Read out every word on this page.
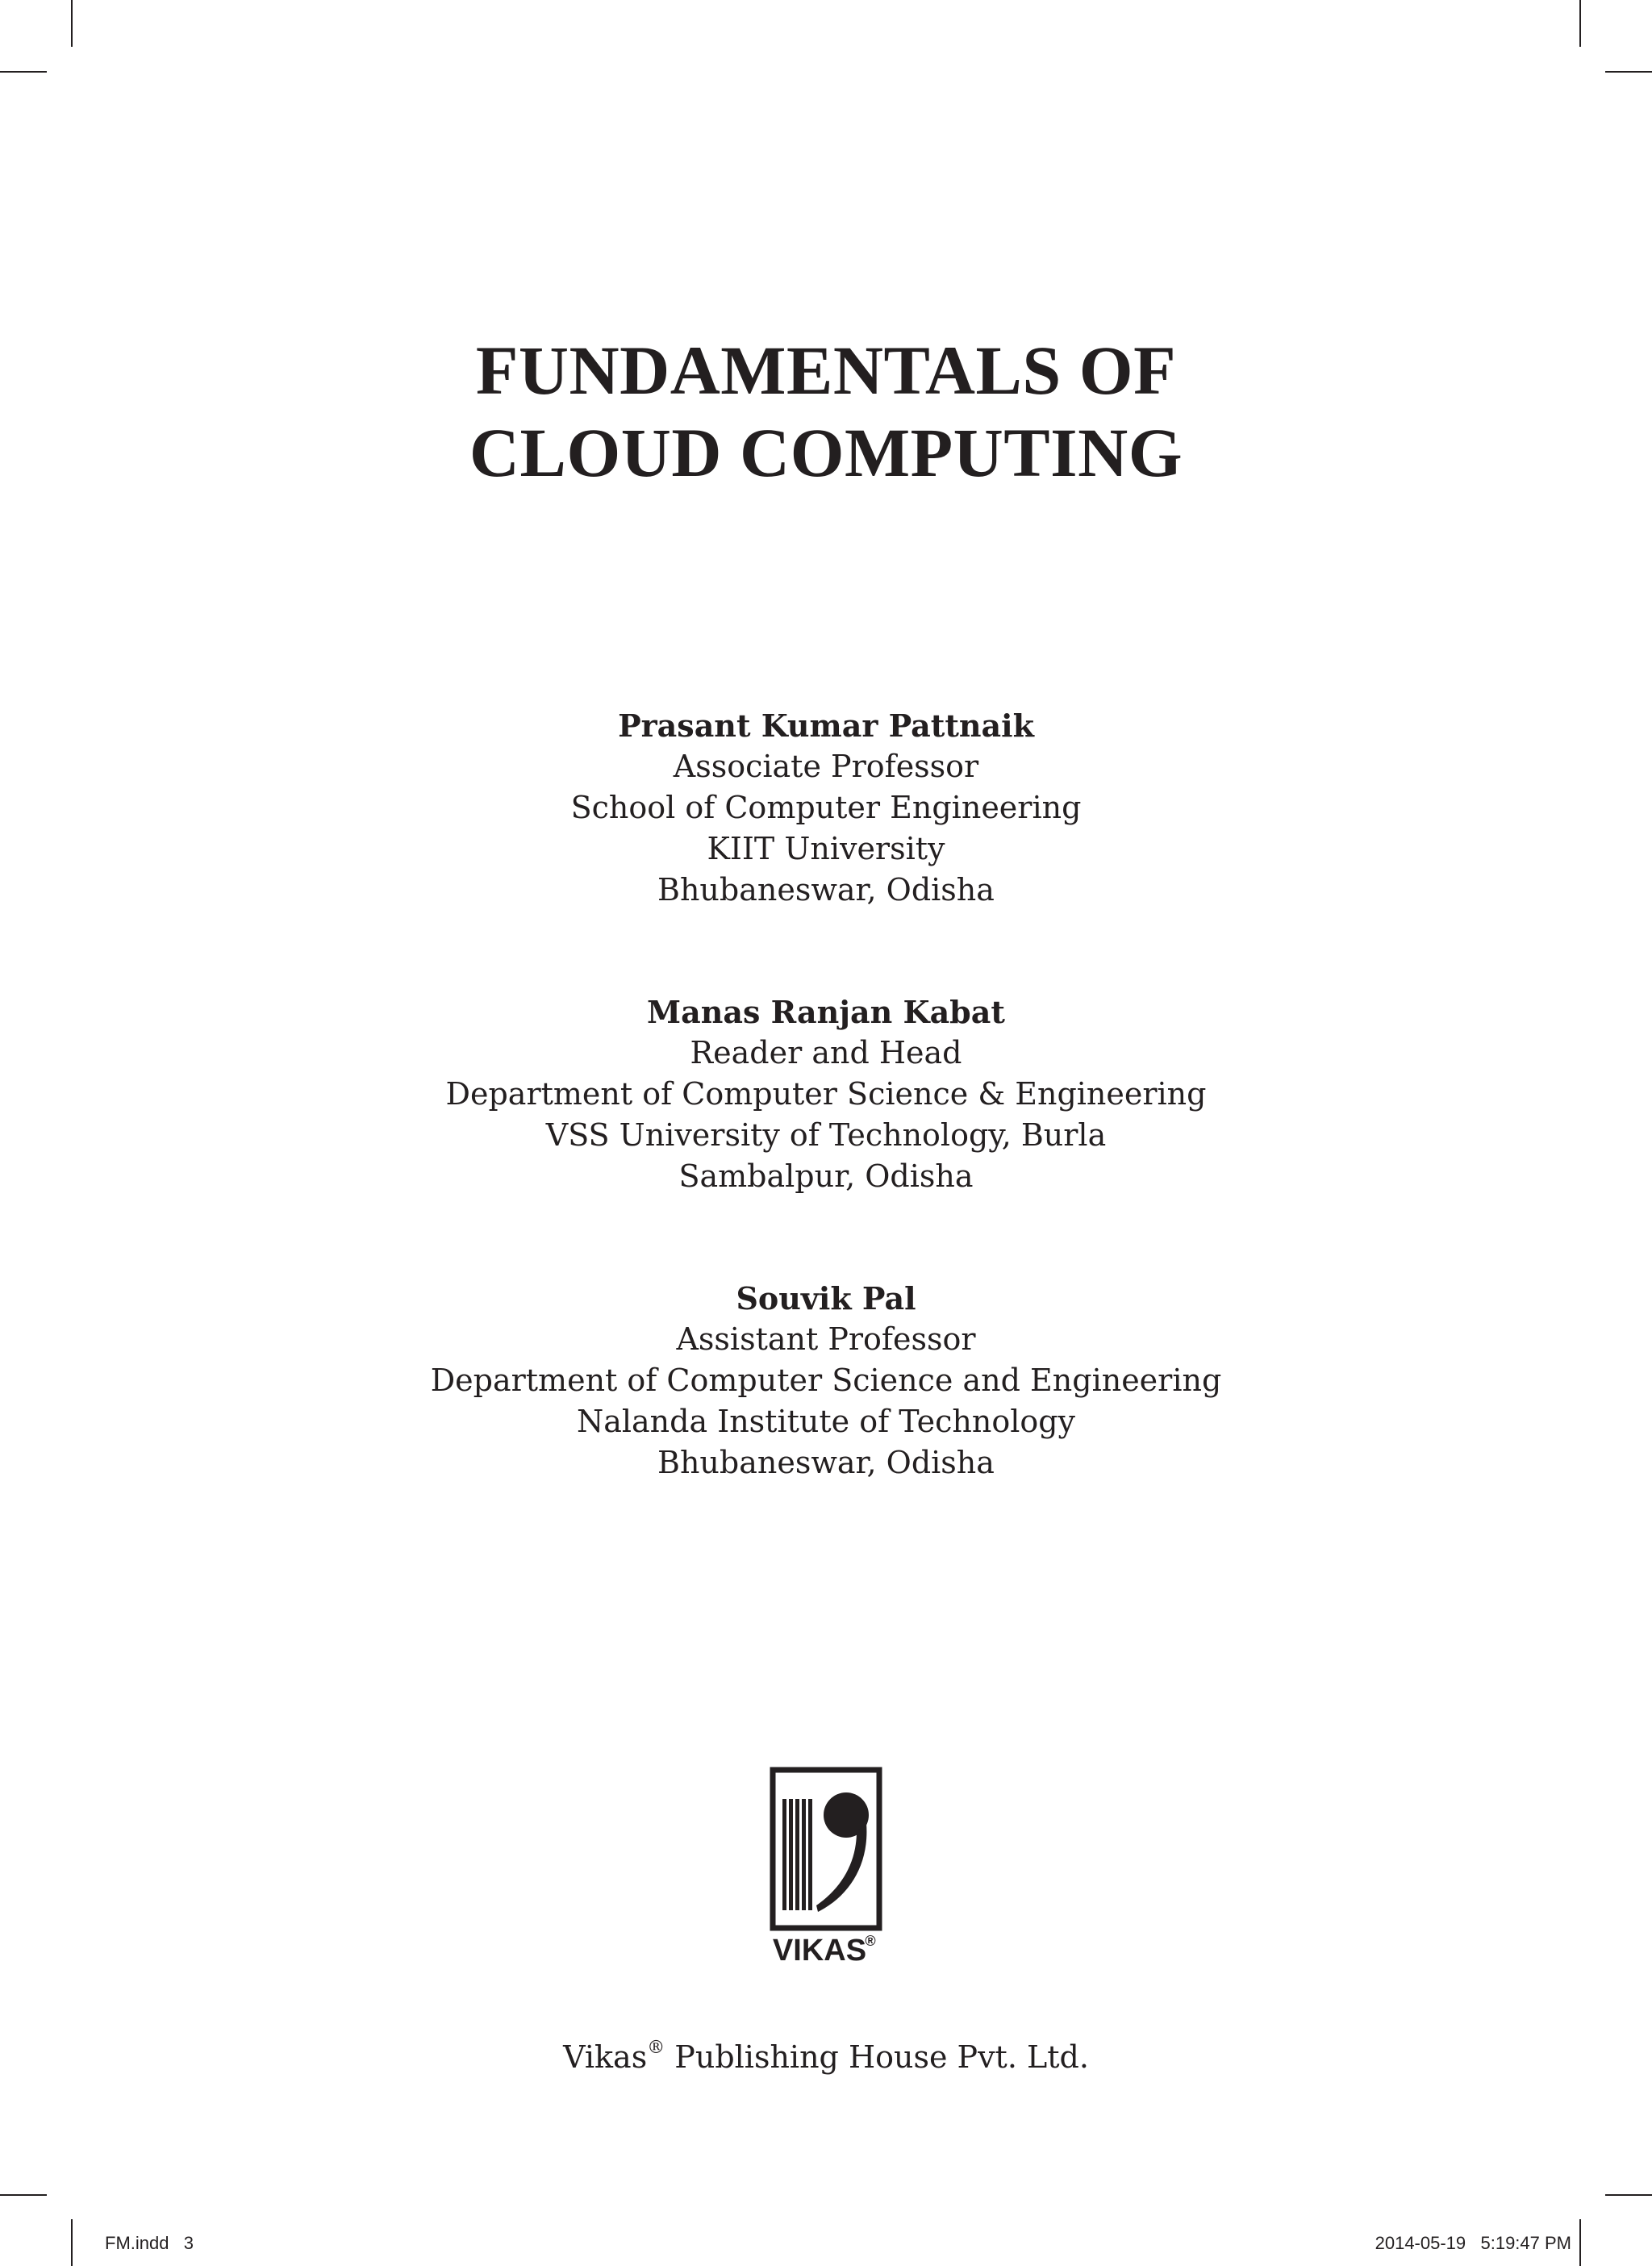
FUNDAMENTALS OF
CLOUD COMPUTING
Prasant Kumar Pattnaik
Associate Professor
School of Computer Engineering
KIIT University
Bhubaneswar, Odisha
Manas Ranjan Kabat
Reader and Head
Department of Computer Science & Engineering
VSS University of Technology, Burla
Sambalpur, Odisha
Souvik Pal
Assistant Professor
Department of Computer Science and Engineering
Nalanda Institute of Technology
Bhubaneswar, Odisha
VIKAS
®
Vikas® Publishing House Pvt. Ltd.
FM.indd   3	2014-05-19   5:19:47 PM
